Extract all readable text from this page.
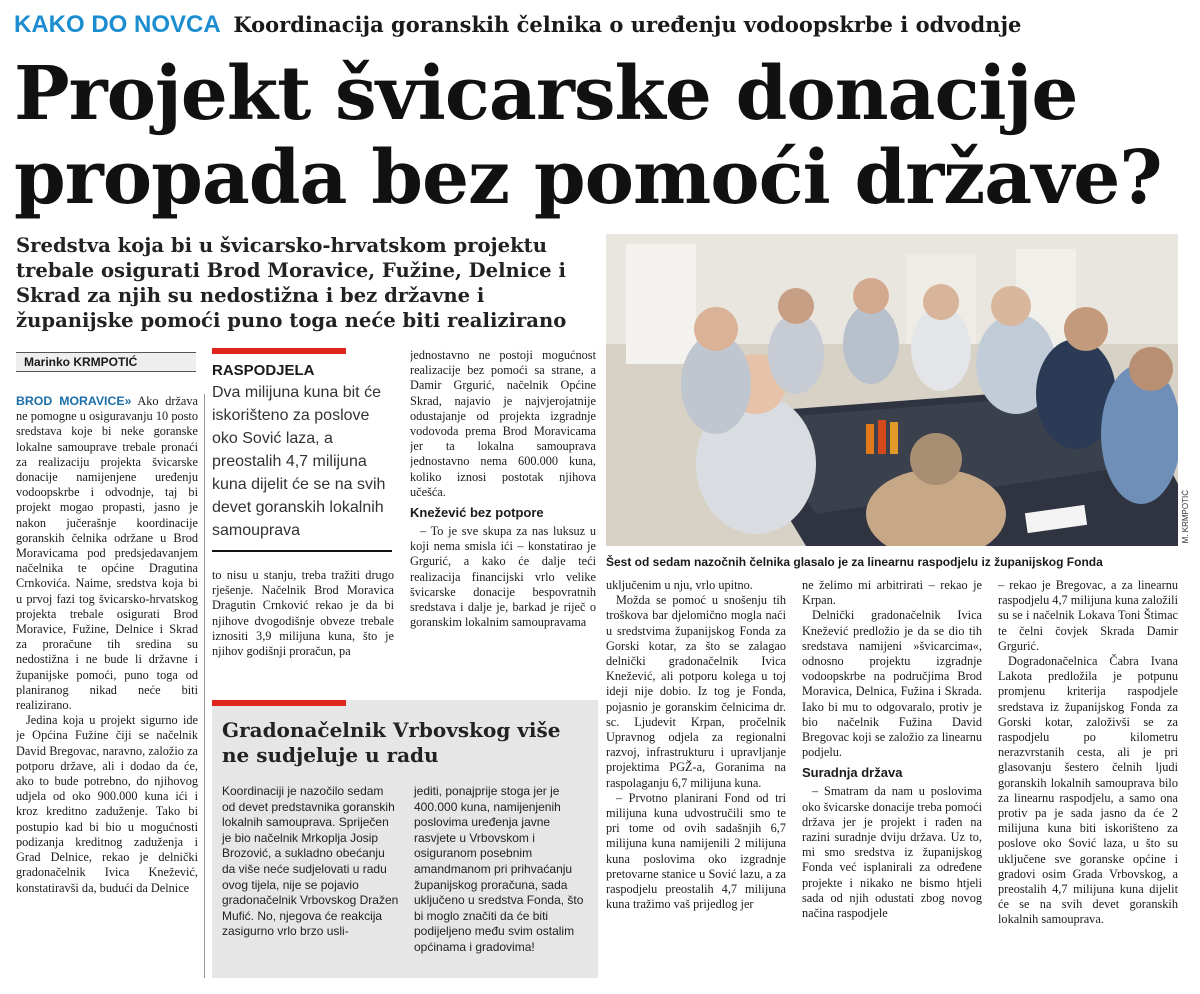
KAKO DO NOVCA Koordinacija goranskih čelnika o uređenju vodoopskrbe i odvodnje
Projekt švicarske donacije
propada bez pomoći države?
Sredstva koja bi u švicarsko-hrvatskom projektu trebale osigurati Brod Moravice, Fužine, Delnice i Skrad za njih su nedostižna i bez državne i županijske pomoći puno toga neće biti realizirano
M. KRMPOTIĆ
Šest od sedam nazočnih čelnika glasalo je za linearnu raspodjelu iz županijskog Fonda
Marinko KRMPOTIĆ

BROD MORAVICE» Ako država ne pomogne u osiguravanju 10 posto sredstava koje bi neke goranske lokalne samouprave trebale pronaći za realizaciju projekta švicarske donacije namijenjene uređenju vodoopskrbe i odvodnje, taj bi projekt mogao propasti, jasno je nakon jučerašnje koordinacije goranskih čelnika održane u Brod Moravicama pod predsjedavanjem načelnika te općine Dragutina Crnkovića. Naime, sredstva koja bi u prvoj fazi tog švicarsko-hrvatskog projekta trebale osigurati Brod Moravice, Fužine, Delnice i Skrad za proračune tih sredina su nedostižna i ne bude li državne i županijske pomoći, puno toga od planiranog nikad neće biti realizirano.

Jedina koja u projekt sigurno ide je Općina Fužine čiji se načelnik David Bregovac, naravno, založio za potporu države, ali i dodao da će, ako to bude potrebno, do njihovog udjela od oko 900.000 kuna ići i kroz kreditno zaduženje. Tako bi postupio kad bi bio u mogućnosti podizanja kreditnog zaduženja i Grad Delnice, rekao je delnički gradonačelnik Ivica Knežević, konstatiravši da, budući da Delnice

RASPODJELA
Dva milijuna kuna bit će iskorišteno za poslove oko Sović laza, a preostalih 4,7 milijuna kuna dijelit će se na svih devet goranskih lokalnih samouprava

to nisu u stanju, treba tražiti drugo rješenje. Načelnik Brod Moravica Dragutin Crnković rekao je da bi njihove dvogodišnje obveze trebale iznositi 3,9 milijuna kuna, što je njihov godišnji proračun, pa

jednostavno ne postoji mogućnost realizacije bez pomoći sa strane, a Damir Grgurić, načelnik Općine Skrad, najavio je najvjerojatnije odustajanje od projekta izgradnje vodovoda prema Brod Moravicama jer ta lokalna samouprava jednostavno nema 600.000 kuna, koliko iznosi postotak njihova učešća.

Knežević bez potpore

– To je sve skupa za nas luksuz u koji nema smisla ići – konstatirao je Grgurić, a kako će dalje teći realizacija financijski vrlo velike švicarske donacije bespovratnih sredstava i dalje je, barkad je riječ o goranskim lokalnim samoupravama

Gradonačelnik Vrbovskog više ne sudjeluje u radu
Koordinaciji je nazočilo sedam od devet predstavnika goranskih lokalnih samouprava. Spriječen je bio načelnik Mrkoplja Josip Brozović, a sukladno obećanju da više neće sudjelovati u radu ovog tijela, nije se pojavio gradonačelnik Vrbovskog Dražen Mufić. No, njegova će reakcija zasigurno vrlo brzo usli-
jediti, ponajprije stoga jer je 400.000 kuna, namijenjenih poslovima uređenja javne rasvjete u Vrbovskom i osiguranom posebnim amandmanom pri prihvaćanju županijskog proračuna, sada uključeno u sredstva Fonda, što bi moglo značiti da će biti podijeljeno među svim ostalim općinama i gradovima!

uključenim u nju, vrlo upitno.

Možda se pomoć u snošenju tih troškova bar djelomično mogla naći u sredstvima županijskog Fonda za Gorski kotar, za što se zalagao delnički gradonačelnik Ivica Knežević, ali potporu kolega u toj ideji nije dobio. Iz tog je Fonda, pojasnio je goranskim čelnicima dr. sc. Ljudevit Krpan, pročelnik Upravnog odjela za regionalni razvoj, infrastrukturu i upravljanje projektima PGŽ-a, Goranima na raspolaganju 6,7 milijuna kuna.

– Prvotno planirani Fond od tri milijuna kuna udvostručili smo te pri tome od ovih sadašnjih 6,7 milijuna kuna namijenili 2 milijuna kuna poslovima oko izgradnje pretovarne stanice u Sović lazu, a za raspodjelu preostalih 4,7 milijuna kuna tražimo vaš prijedlog jer

ne želimo mi arbitrirati – rekao je Krpan.

Delnički gradonačelnik Ivica Knežević predložio je da se dio tih sredstava namijeni »švicarcima«, odnosno projektu izgradnje vodoopskrbe na područjima Brod Moravica, Delnica, Fužina i Skrada. Iako bi mu to odgovaralo, protiv je bio načelnik Fužina David Bregovac koji se založio za linearnu podjelu.

Suradnja država

– Smatram da nam u poslovima oko švicarske donacije treba pomoći država jer je projekt i rađen na razini suradnje dviju država. Uz to, mi smo sredstva iz županijskog Fonda već isplanirali za određene projekte i nikako ne bismo htjeli sada od njih odustati zbog novog načina raspodjele

– rekao je Bregovac, a za linearnu raspodjelu 4,7 milijuna kuna založili su se i načelnik Lokava Toni Štimac te čelni čovjek Skrada Damir Grgurić.

Dogradonačelnica Čabra Ivana Lakota predložila je potpunu promjenu kriterija raspodjele sredstava iz županijskog Fonda za Gorski kotar, založivši se za raspodjelu po kilometru nerazvrstanih cesta, ali je pri glasovanju šestero čelnih ljudi goranskih lokalnih samouprava bilo za linearnu raspodjelu, a samo ona protiv pa je sada jasno da će 2 milijuna kuna biti iskorišteno za poslove oko Sović laza, u što su uključene sve goranske općine i gradovi osim Grada Vrbovskog, a preostalih 4,7 milijuna kuna dijelit će se na svih devet goranskih lokalnih samouprava.
